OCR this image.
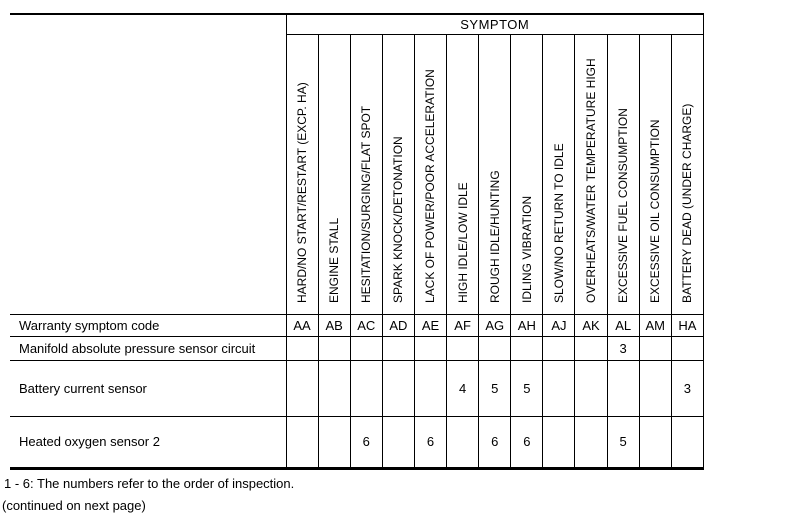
	SYMPTOM												

	HARD/NO START/RESTART (EXCP. HA)	ENGINE STALL	HESITATION/SURGING/FLAT SPOT	SPARK KNOCK/DETONATION	LACK OF POWER/POOR ACCELERATION	HIGH IDLE/LOW IDLE	ROUGH IDLE/HUNTING	IDLING VIBRATION	SLOW/NO RETURN TO IDLE	OVERHEATS/WATER TEMPERATURE HIGH	EXCESSIVE FUEL CONSUMPTION	EXCESSIVE OIL CONSUMPTION	BATTERY DEAD (UNDER CHARGE)

Warranty symptom code	AA	AB	AC	AD	AE	AF	AG	AH	AJ	AK	AL	AM	HA
Manifold absolute pressure sensor circuit											3		
Battery current sensor						4	5	5					3
Heated oxygen sensor 2			6		6		6	6			5		
1 - 6: The numbers refer to the order of inspection.
(continued on next page)
